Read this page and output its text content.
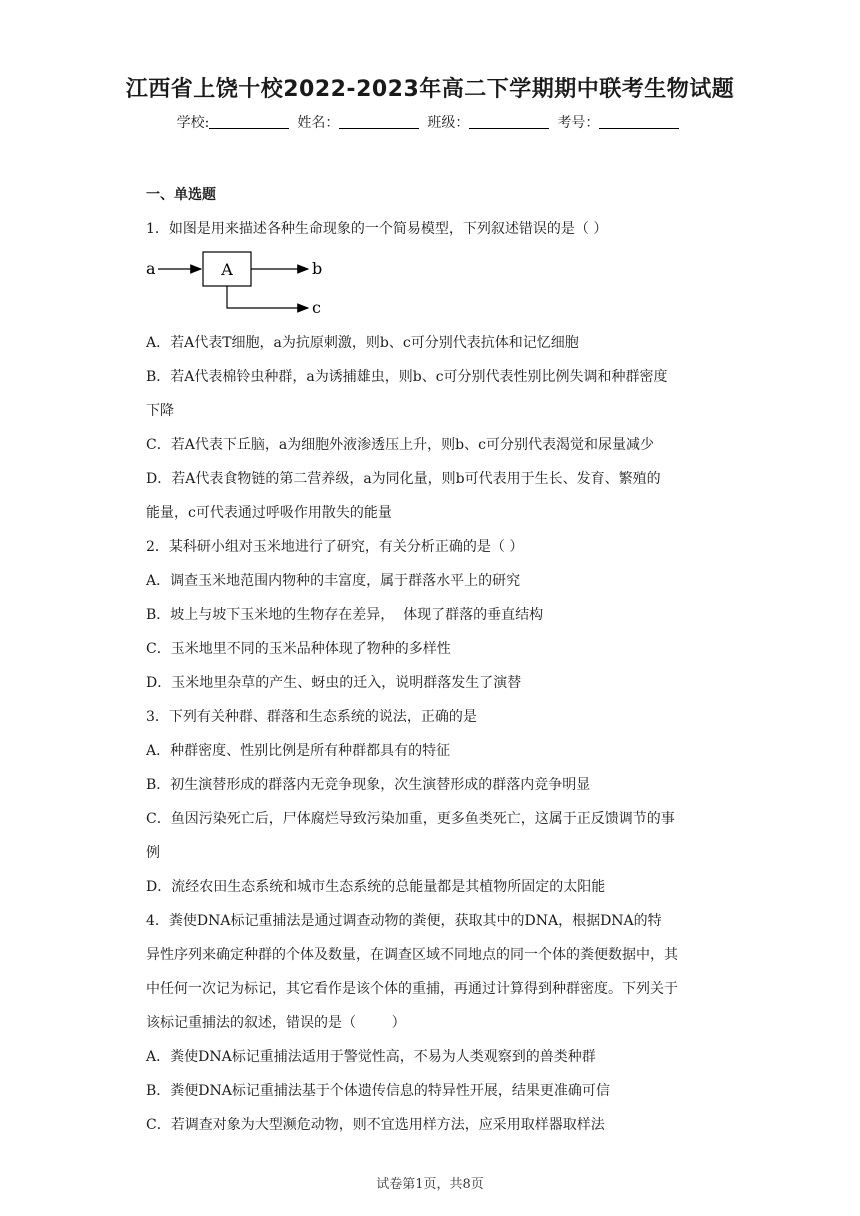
江西省上饶十校2022-2023年高二下学期期中联考生物试题
学校:	姓名：	班级：	考号：
一、单选题
1．如图是用来描述各种生命现象的一个简易模型，下列叙述错误的是（ ）
a	A	b
c
A．若A代表T细胞，a为抗原刺激，则b、c可分别代表抗体和记忆细胞
B．若A代表棉铃虫种群，a为诱捕雄虫，则b、c可分别代表性别比例失调和种群密度
下降
C．若A代表下丘脑，a为细胞外液渗透压上升，则b、c可分别代表渴觉和尿量减少
D．若A代表食物链的第二营养级，a为同化量，则b可代表用于生长、发育、繁殖的
能量，c可代表通过呼吸作用散失的能量
2．某科研小组对玉米地进行了研究，有关分析正确的是（ ）
A．调查玉米地范围内物种的丰富度，属于群落水平上的研究
B．坡上与坡下玉米地的生物存在差异，  体现了群落的垂直结构
C．玉米地里不同的玉米品种体现了物种的多样性
D．玉米地里杂草的产生、蚜虫的迁入，说明群落发生了演替
3．下列有关种群、群落和生态系统的说法，正确的是
A．种群密度、性别比例是所有种群都具有的特征
B．初生演替形成的群落内无竞争现象，次生演替形成的群落内竞争明显
C．鱼因污染死亡后，尸体腐烂导致污染加重，更多鱼类死亡，这属于正反馈调节的事
例
D．流经农田生态系统和城市生态系统的总能量都是其植物所固定的太阳能
4．粪使DNA标记重捕法是通过调查动物的粪便，获取其中的DNA，根据DNA的特
异性序列来确定种群的个体及数量，在调查区域不同地点的同一个体的粪便数据中，其
中任何一次记为标记，其它看作是该个体的重捕，再通过计算得到种群密度。下列关于
该标记重捕法的叙述，错误的是（        ）
A．粪使DNA标记重捕法适用于警觉性高，不易为人类观察到的兽类种群
B．粪便DNA标记重捕法基于个体遗传信息的特异性开展，结果更准确可信
C．若调查对象为大型濒危动物，则不宜选用样方法，应采用取样器取样法
试卷第1页，共8页
